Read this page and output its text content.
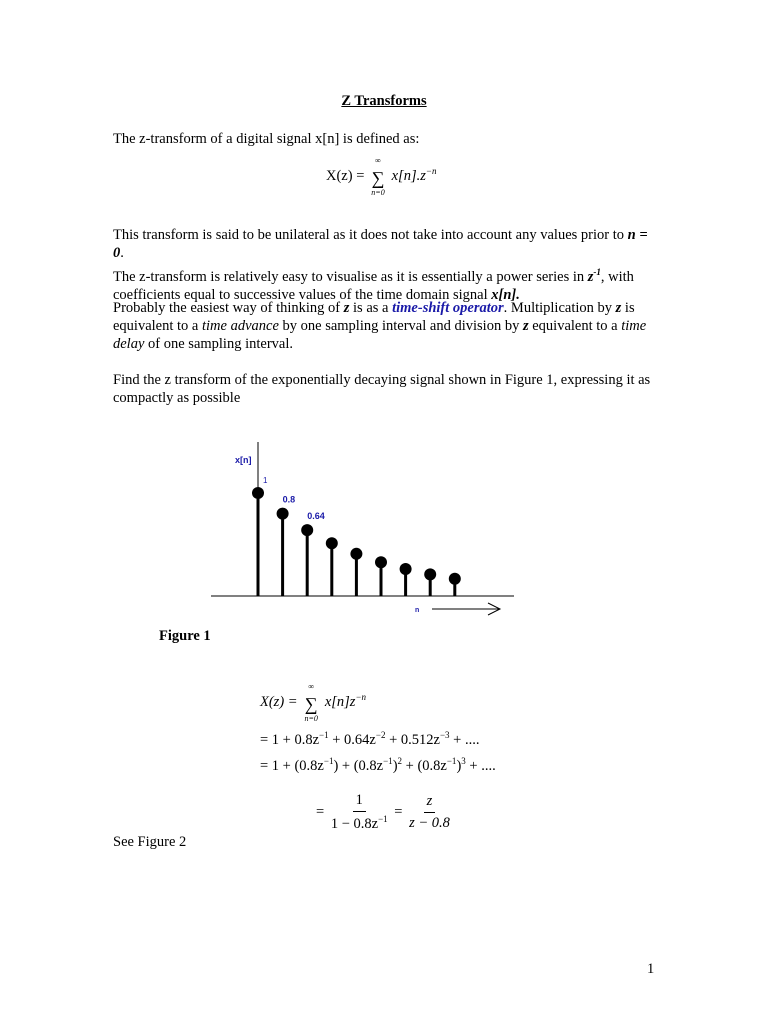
Z Transforms
The z-transform of a digital signal x[n] is defined as:
X(z) =
∞
∑
n=0
$x[n].z^{-n}$
This transform is said to be unilateral as it does not take into account any values prior to n = 0.
The z-transform is relatively easy to visualise as it is essentially a power series in $z^{-1}$, with coefficients equal to successive values of the time domain signal x[n].
Probably the easiest way of thinking of z is as a time-shift operator. Multiplication by z is equivalent to a time advance by one sampling interval and division by z equivalent to a time delay of one sampling interval.
Find the z transform of the exponentially decaying signal shown in Figure 1, expressing it as compactly as possible
x[n]
n
1
0.8
0.64
Figure 1
X(z) =
∞
∑
n=0
$x[n]z^{-n}$
= $1 + 0.8z^{-1} + 0.64z^{-2} + 0.512z^{-3}$ + ....
= $1 + (0.8z^{-1}) + (0.8z^{-1})^2 + (0.8z^{-1})^3$ + ....
= $\frac{1}{1 - 0.8z^{-1}} = \frac{z}{z - 0.8}$
See Figure 2
1
